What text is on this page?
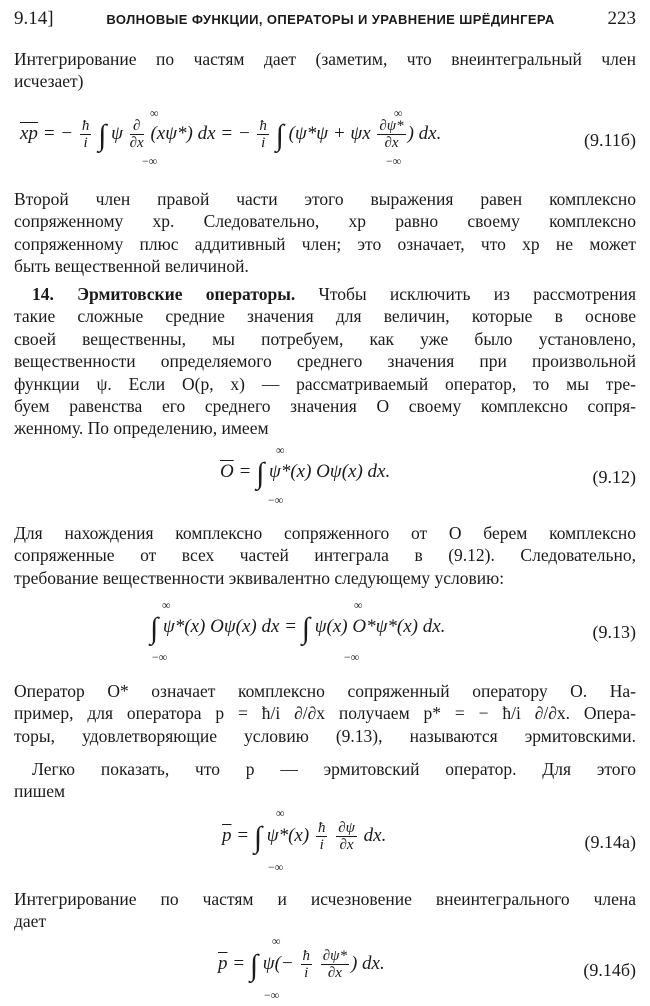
9.14]	ВОЛНОВЫЕ ФУНКЦИИ, ОПЕРАТОРЫ И УРАВНЕНИЕ ШРЁДИНГЕРА	223
Интегрирование по частям дает (заметим, что внеинтегральный член
исчезает)
$\overline{xp}$ = − $\frac{ħ}{i}$ ∫ ψ $\frac{\partial}{\partial x} (x\psi*)$ dx = − $\frac{ħ}{i}$ ∫ (ψ*ψ + ψx $\frac{\partial\psi*}{\partial x}$ ) dx.
∞
−∞
∞
−∞
(9.11б)
Второй член правой части этого выражения равен комплексно
сопряженному xp. Следовательно, xp равно своему комплексно
сопряженному плюс аддитивный член; это означает, что xp не может
быть вещественной величиной.
14. Эрмитовские операторы. Чтобы исключить из рассмотрения
такие сложные средние значения для величин, которые в основе
своей вещественны, мы потребуем, как уже было установлено,
вещественности определяемого среднего значения при произвольной
функции ψ. Если O(p, x) — рассматриваемый оператор, то мы тре-
буем равенства его среднего значения O своему комплексно сопря-
женному. По определению, имеем
$\overline{O}$ = ∫ ψ*(x) Oψ(x) dx.
∞
−∞
(9.12)
Для нахождения комплексно сопряженного от O берем комплексно
сопряженные от всех частей интеграла в (9.12). Следовательно,
требование вещественности эквивалентно следующему условию:
∫ ψ*(x) Oψ(x) dx = ∫ ψ(x) O*ψ*(x) dx.
∞
−∞
∞
−∞
(9.13)
Оператор O* означает комплексно сопряженный оператору O. На-
пример, для оператора p = ħ/i ∂/∂x получаем p* = − ħ/i ∂/∂x. Опера-
торы, удовлетворяющие условию (9.13), называются эрмитовскими.
Легко показать, что p — эрмитовский оператор. Для этого
пишем
$\overline{p}$ = ∫ $\psi*(x) \frac{ħ}{i}$
$\frac{\partial\psi}{\partial x}$ dx.
∞
−∞
(9.14а)
Интегрирование по частям и исчезновение внеинтегрального члена
дает
$\overline{p}$ = ∫ $\psi(- \frac{ħ}{i}$
$\frac{\partial\psi*}{\partial x}$ ) dx.
∞
−∞
(9.14б)
